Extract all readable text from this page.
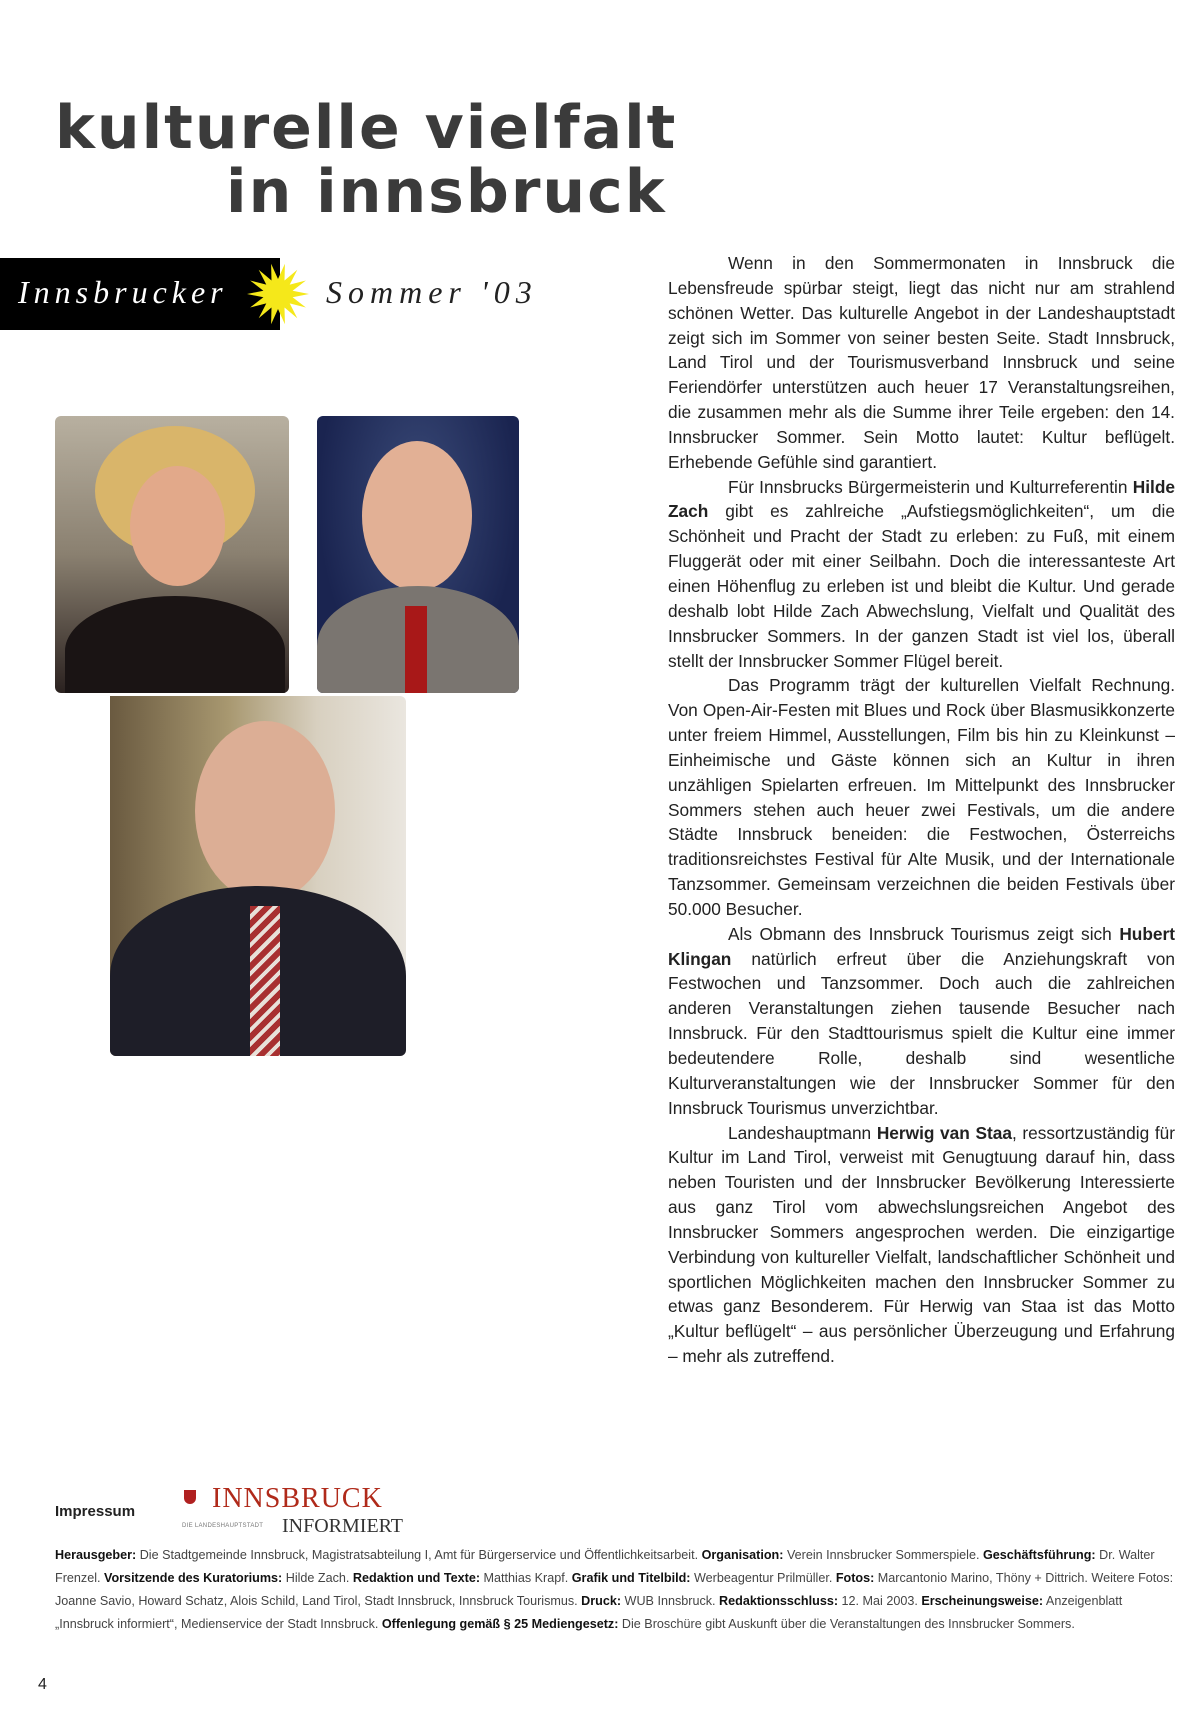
kulturelle vielfalt
in innsbruck
Innsbrucker	Sommer '03

Wenn in den Sommermonaten in Innsbruck die Lebensfreude spürbar steigt, liegt das nicht nur am strahlend schönen Wetter. Das kulturelle Angebot in der Landeshauptstadt zeigt sich im Sommer von seiner besten Seite. Stadt Innsbruck, Land Tirol und der Tourismusverband Innsbruck und seine Feriendörfer unterstützen auch heuer 17 Veranstaltungsreihen, die zusammen mehr als die Summe ihrer Teile ergeben: den 14. Innsbrucker Sommer. Sein Motto lautet: Kultur beflügelt. Erhebende Gefühle sind garantiert.

Für Innsbrucks Bürgermeisterin und Kulturreferentin Hilde Zach gibt es zahlreiche „Aufstiegsmöglichkeiten“, um die Schönheit und Pracht der Stadt zu erleben: zu Fuß, mit einem Fluggerät oder mit einer Seilbahn. Doch die interessanteste Art einen Höhenflug zu erleben ist und bleibt die Kultur. Und gerade deshalb lobt Hilde Zach Abwechslung, Vielfalt und Qualität des Innsbrucker Sommers. In der ganzen Stadt ist viel los, überall stellt der Innsbrucker Sommer Flügel bereit.

Das Programm trägt der kulturellen Vielfalt Rechnung. Von Open-Air-Festen mit Blues und Rock über Blasmusikkonzerte unter freiem Himmel, Ausstellungen, Film bis hin zu Kleinkunst – Einheimische und Gäste können sich an Kultur in ihren unzähligen Spielarten erfreuen. Im Mittelpunkt des Innsbrucker Sommers stehen auch heuer zwei Festivals, um die andere Städte Innsbruck beneiden: die Festwochen, Österreichs traditionsreichstes Festival für Alte Musik, und der Internationale Tanzsommer. Gemeinsam verzeichnen die beiden Festivals über 50.000 Besucher.

Als Obmann des Innsbruck Tourismus zeigt sich Hubert Klingan natürlich erfreut über die Anziehungskraft von Festwochen und Tanzsommer. Doch auch die zahlreichen anderen Veranstaltungen ziehen tausende Besucher nach Innsbruck. Für den Stadttourismus spielt die Kultur eine immer bedeutendere Rolle, deshalb sind wesentliche Kulturveranstaltungen wie der Innsbrucker Sommer für den Innsbruck Tourismus unverzichtbar.

Landeshauptmann Herwig van Staa, ressortzuständig für Kultur im Land Tirol, verweist mit Genugtuung darauf hin, dass neben Touristen und der Innsbrucker Bevölkerung Interessierte aus ganz Tirol vom abwechslungsreichen Angebot des Innsbrucker Sommers angesprochen werden. Die einzigartige Verbindung von kultureller Vielfalt, landschaftlicher Schönheit und sportlichen Möglichkeiten machen den Innsbrucker Sommer zu etwas ganz Besonderem. Für Herwig van Staa ist das Motto „Kultur beflügelt“ – aus persönlicher Überzeugung und Erfahrung – mehr als zutreffend.

Impressum	INNSBRUCK
DIE LANDESHAUPTSTADT INFORMIERT
Herausgeber: Die Stadtgemeinde Innsbruck, Magistratsabteilung I, Amt für Bürgerservice und Öffentlichkeitsarbeit. Organisation: Verein Innsbrucker Sommerspiele. Geschäftsführung: Dr. Walter Frenzel. Vorsitzende des Kuratoriums: Hilde Zach. Redaktion und Texte: Matthias Krapf. Grafik und Titelbild: Werbeagentur Prilmüller. Fotos: Marcantonio Marino, Thöny + Dittrich. Weitere Fotos: Joanne Savio, Howard Schatz, Alois Schild, Land Tirol, Stadt Innsbruck, Innsbruck Tourismus. Druck: WUB Innsbruck. Redaktionsschluss: 12. Mai 2003. Erscheinungsweise: Anzeigenblatt „Innsbruck informiert“, Medienservice der Stadt Innsbruck. Offenlegung gemäß § 25 Mediengesetz: Die Broschüre gibt Auskunft über die Veranstaltungen des Innsbrucker Sommers.
4
